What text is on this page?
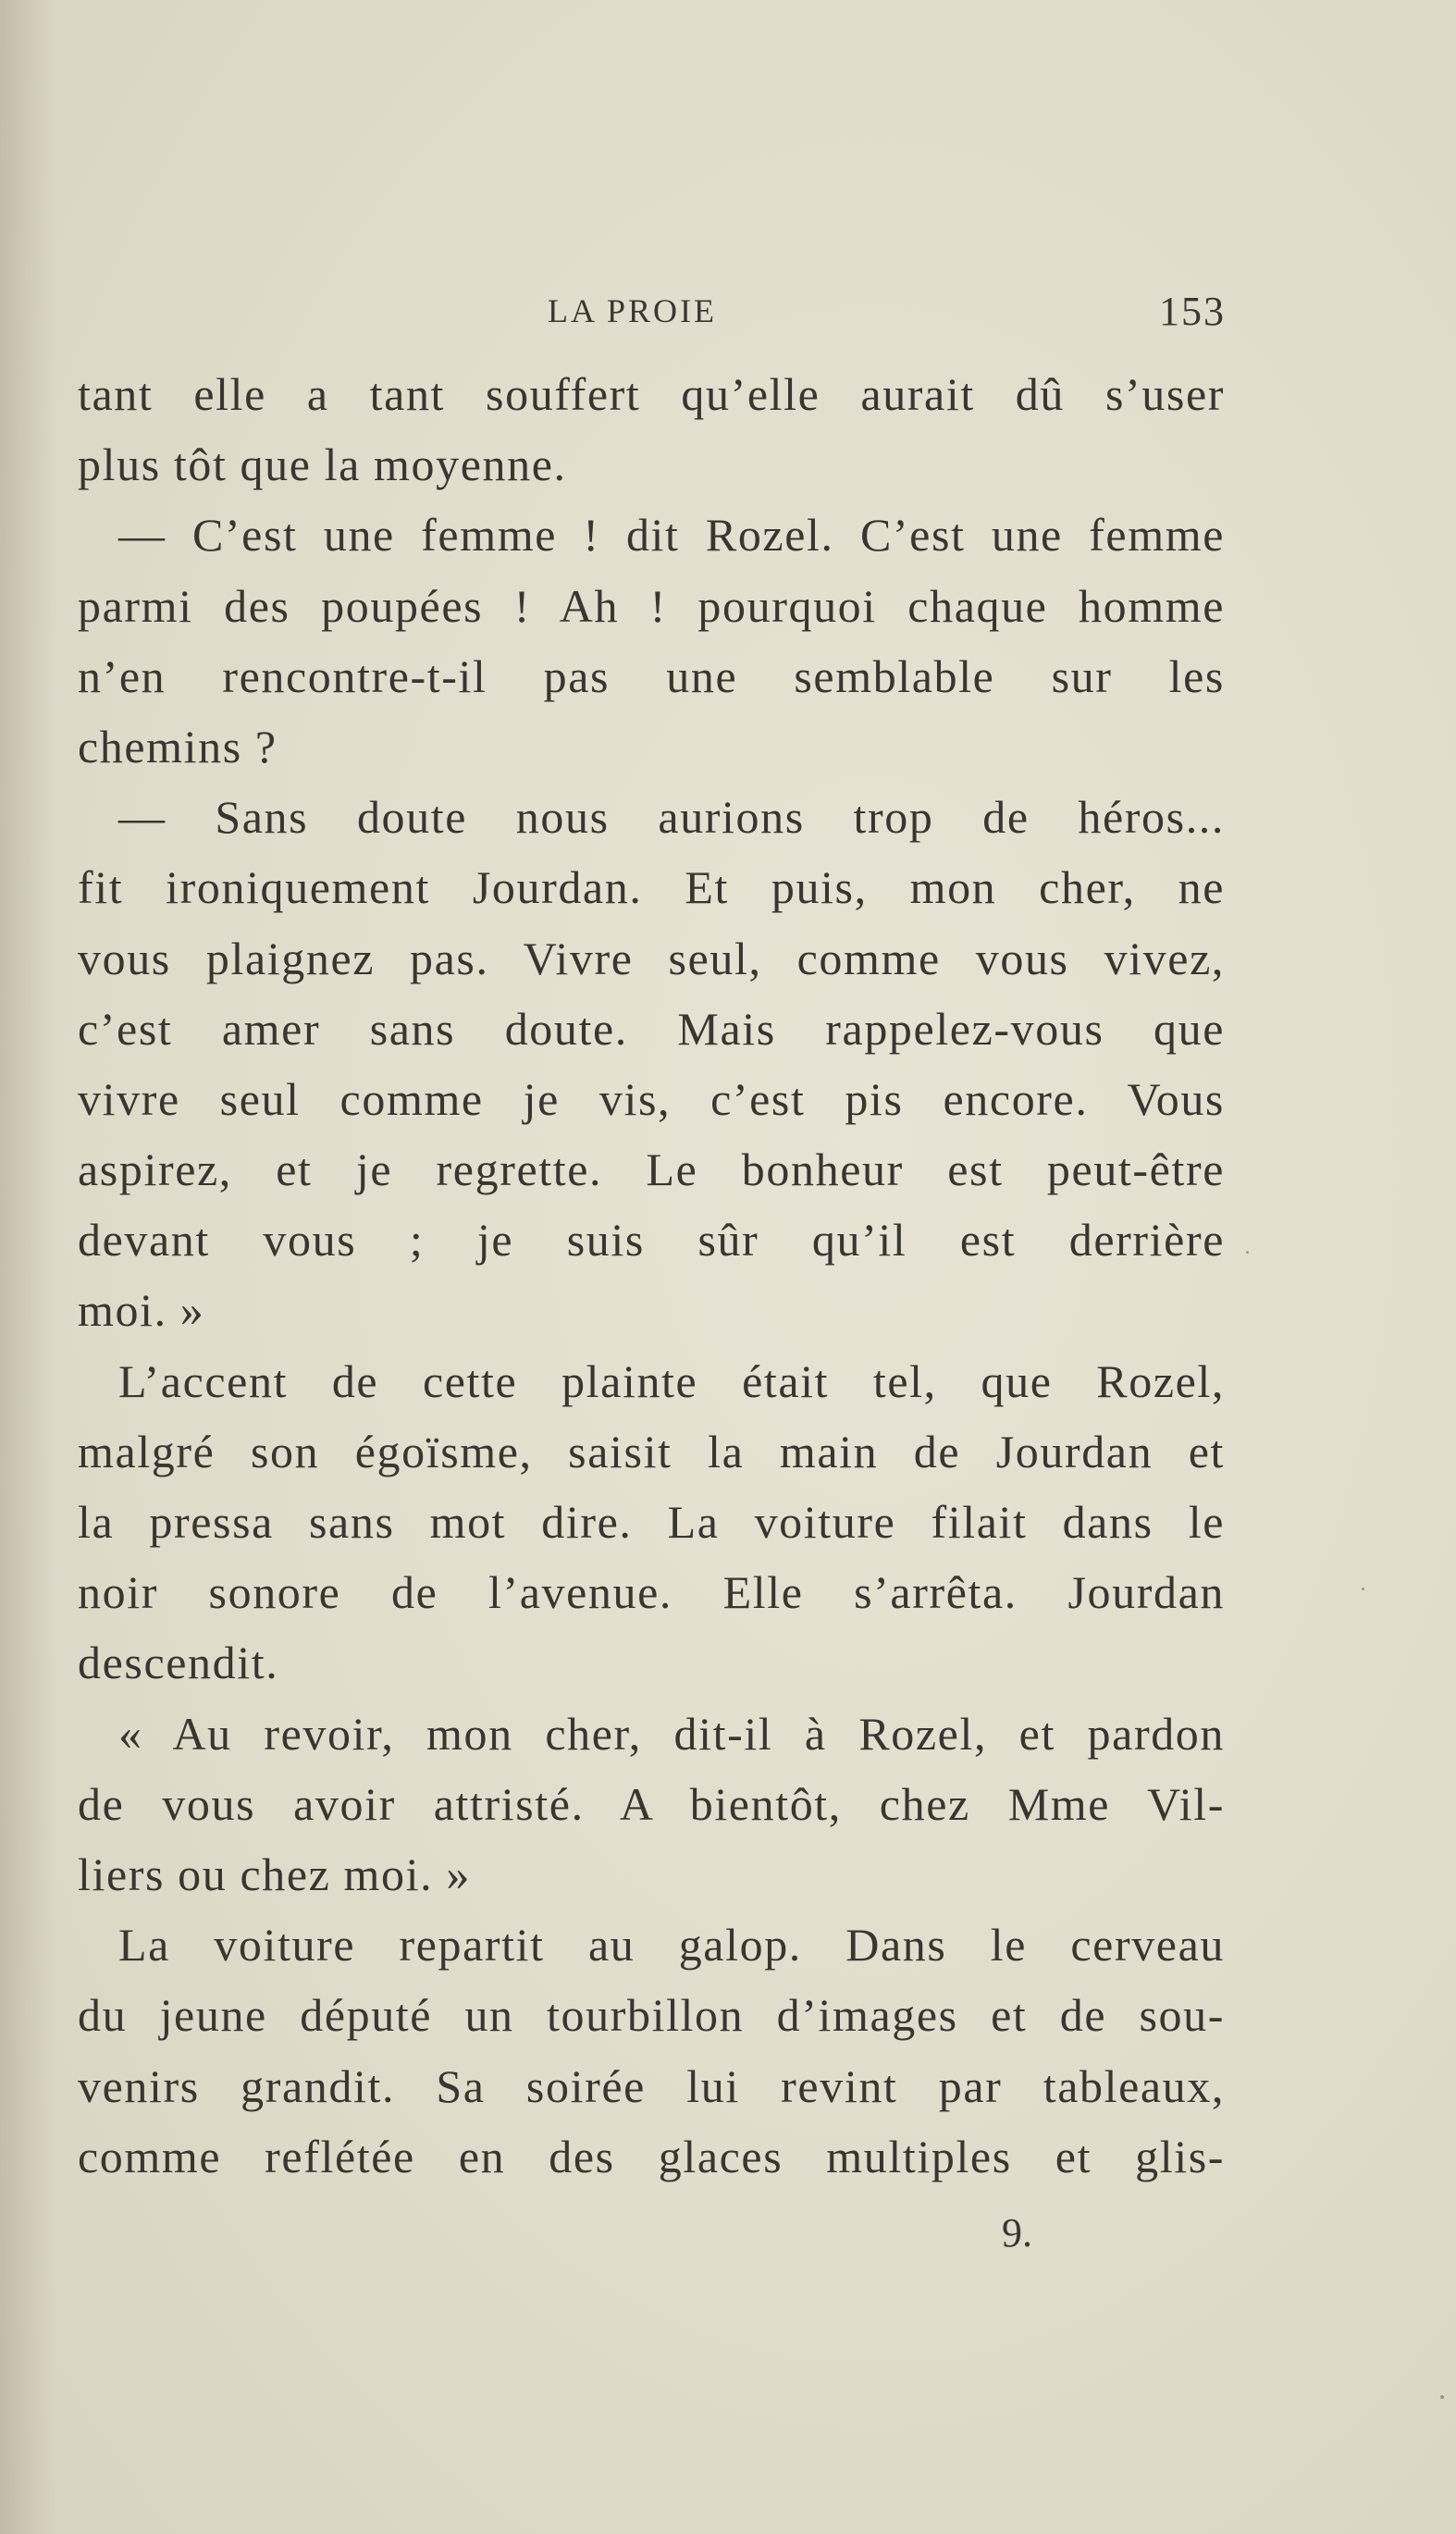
LA PROIE	153
tant elle a tant souffert qu’elle aurait dû s’user
plus tôt que la moyenne.
— C’est une femme ! dit Rozel. C’est une femme
parmi des poupées ! Ah ! pourquoi chaque homme
n’en rencontre-t-il pas une semblable sur les
chemins ?
— Sans doute nous aurions trop de héros...
fit ironiquement Jourdan. Et puis, mon cher, ne
vous plaignez pas. Vivre seul, comme vous vivez,
c’est amer sans doute. Mais rappelez-vous que
vivre seul comme je vis, c’est pis encore. Vous
aspirez, et je regrette. Le bonheur est peut-être
devant vous ; je suis sûr qu’il est derrière
moi. »
L’accent de cette plainte était tel, que Rozel,
malgré son égoïsme, saisit la main de Jourdan et
la pressa sans mot dire. La voiture filait dans le
noir sonore de l’avenue. Elle s’arrêta. Jourdan
descendit.
« Au revoir, mon cher, dit-il à Rozel, et pardon
de vous avoir attristé. A bientôt, chez Mme Vil-
liers ou chez moi. »
La voiture repartit au galop. Dans le cerveau
du jeune député un tourbillon d’images et de sou-
venirs grandit. Sa soirée lui revint par tableaux,
comme reflétée en des glaces multiples et glis-
9.
